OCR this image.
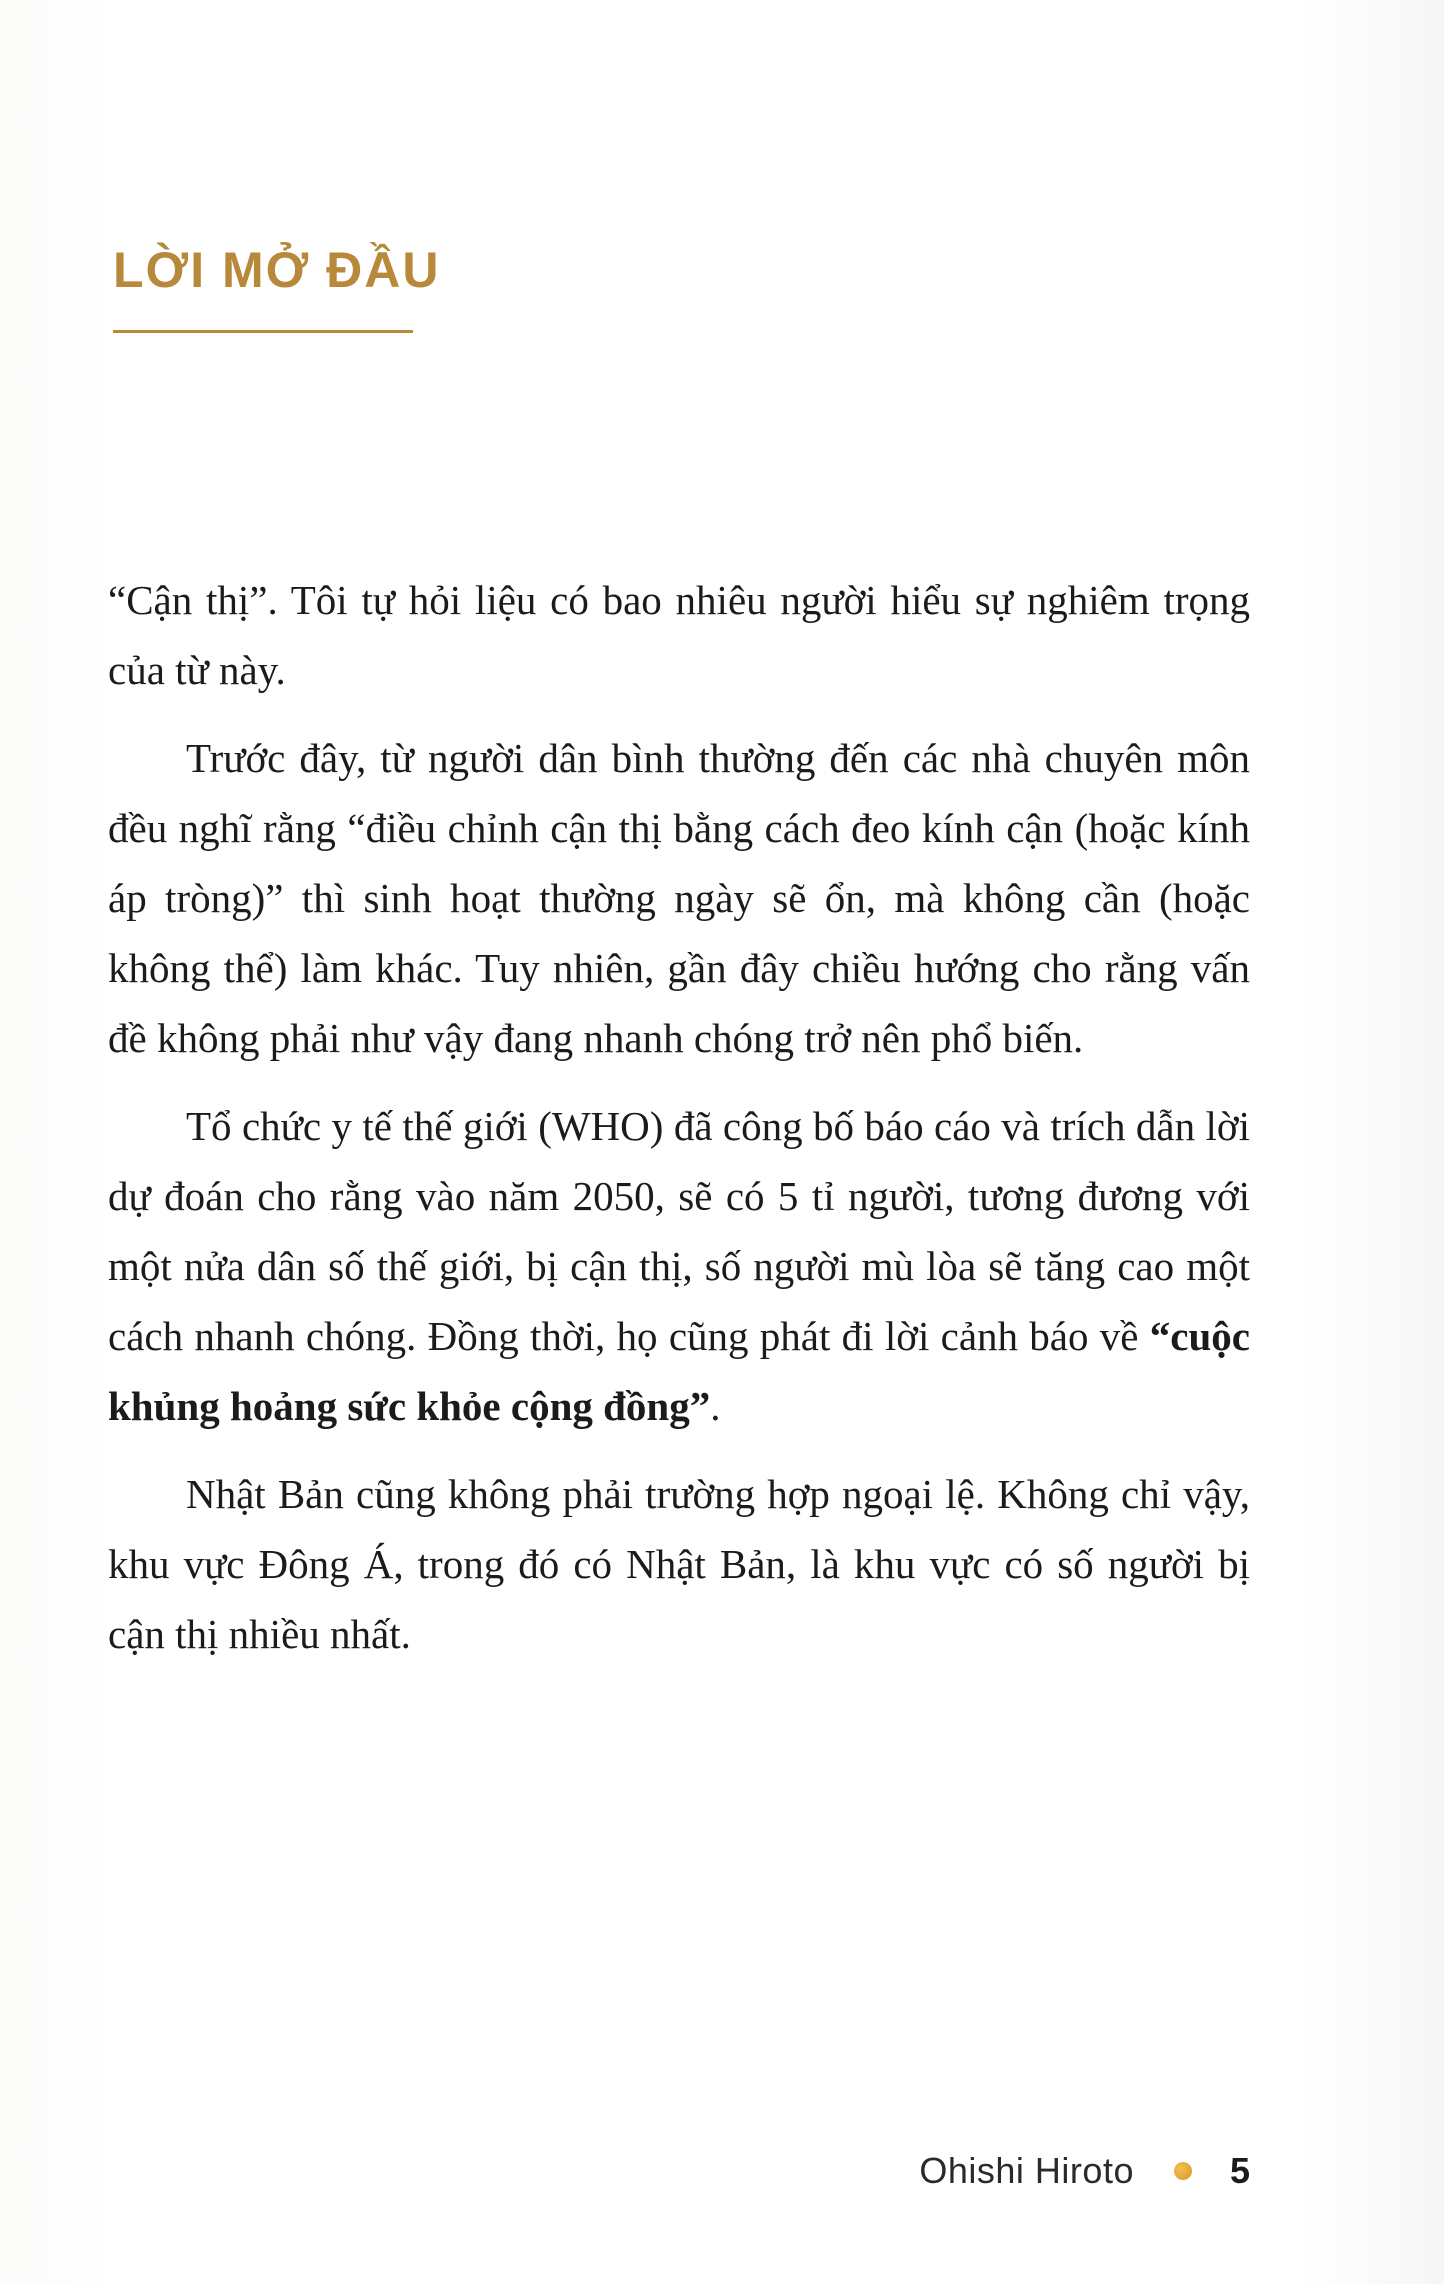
LỜI MỞ ĐẦU

“Cận thị”. Tôi tự hỏi liệu có bao nhiêu người hiểu sự nghiêm trọng của từ này.

Trước đây, từ người dân bình thường đến các nhà chuyên môn đều nghĩ rằng “điều chỉnh cận thị bằng cách đeo kính cận (hoặc kính áp tròng)” thì sinh hoạt thường ngày sẽ ổn, mà không cần (hoặc không thể) làm khác. Tuy nhiên, gần đây chiều hướng cho rằng vấn đề không phải như vậy đang nhanh chóng trở nên phổ biến.

Tổ chức y tế thế giới (WHO) đã công bố báo cáo và trích dẫn lời dự đoán cho rằng vào năm 2050, sẽ có 5 tỉ người, tương đương với một nửa dân số thế giới, bị cận thị, số người mù lòa sẽ tăng cao một cách nhanh chóng. Đồng thời, họ cũng phát đi lời cảnh báo về “cuộc khủng hoảng sức khỏe cộng đồng”.

Nhật Bản cũng không phải trường hợp ngoại lệ. Không chỉ vậy, khu vực Đông Á, trong đó có Nhật Bản, là khu vực có số người bị cận thị nhiều nhất.

Ohishi Hiroto	5
